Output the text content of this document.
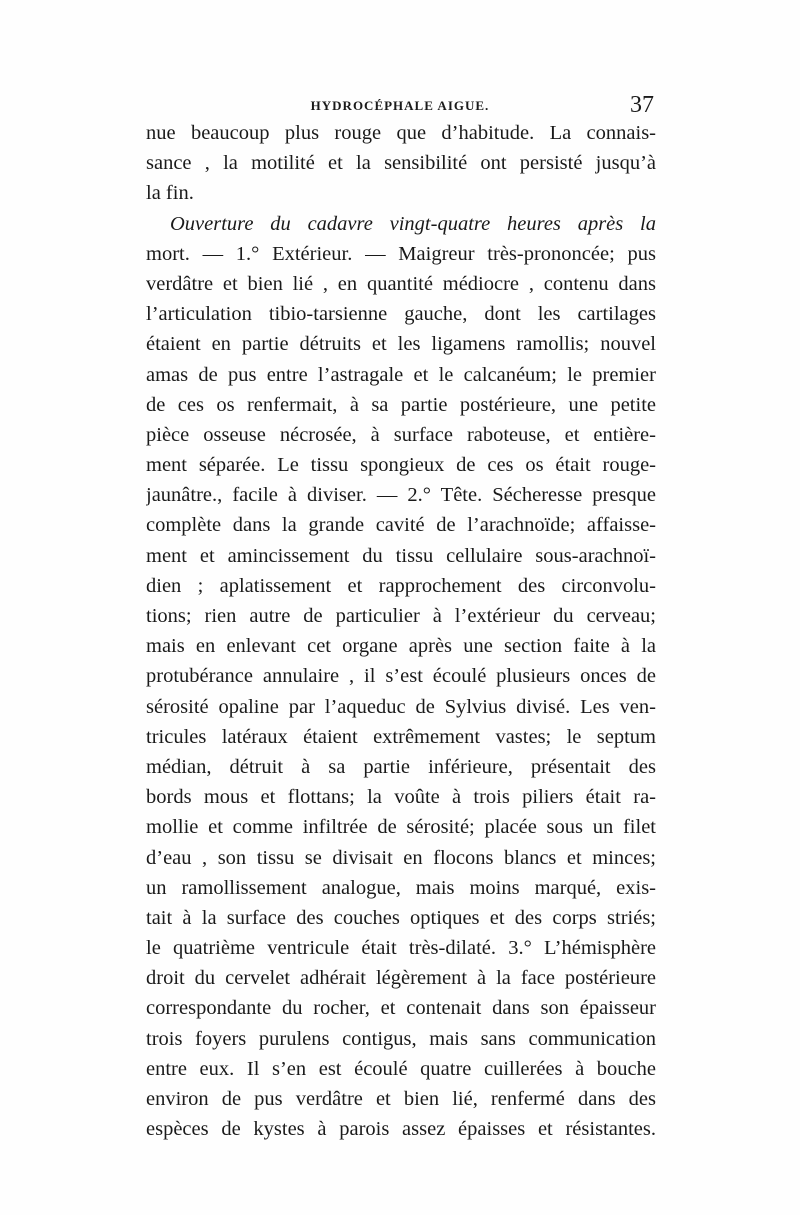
HYDROCÉPHALE AIGUE.	37
nue beaucoup plus rouge que d’habitude. La connais-
sance , la motilité et la sensibilité ont persisté jusqu’à
la fin.
Ouverture du cadavre vingt-quatre heures après la
mort. — 1.° Extérieur. — Maigreur très-prononcée; pus
verdâtre et bien lié , en quantité médiocre , contenu dans
l’articulation tibio-tarsienne gauche, dont les cartilages
étaient en partie détruits et les ligamens ramollis; nouvel
amas de pus entre l’astragale et le calcanéum; le premier
de ces os renfermait, à sa partie postérieure, une petite
pièce osseuse nécrosée, à surface raboteuse, et entière-
ment séparée. Le tissu spongieux de ces os était rouge-
jaunâtre., facile à diviser. — 2.° Tête. Sécheresse presque
complète dans la grande cavité de l’arachnoïde; affaisse-
ment et amincissement du tissu cellulaire sous-arachnoï-
dien ; aplatissement et rapprochement des circonvolu-
tions; rien autre de particulier à l’extérieur du cerveau;
mais en enlevant cet organe après une section faite à la
protubérance annulaire , il s’est écoulé plusieurs onces de
sérosité opaline par l’aqueduc de Sylvius divisé. Les ven-
tricules latéraux étaient extrêmement vastes; le septum
médian, détruit à sa partie inférieure, présentait des
bords mous et flottans; la voûte à trois piliers était ra-
mollie et comme infiltrée de sérosité; placée sous un filet
d’eau , son tissu se divisait en flocons blancs et minces;
un ramollissement analogue, mais moins marqué, exis-
tait à la surface des couches optiques et des corps striés;
le quatrième ventricule était très-dilaté. 3.° L’hémisphère
droit du cervelet adhérait légèrement à la face postérieure
correspondante du rocher, et contenait dans son épaisseur
trois foyers purulens contigus, mais sans communication
entre eux. Il s’en est écoulé quatre cuillerées à bouche
environ de pus verdâtre et bien lié, renfermé dans des
espèces de kystes à parois assez épaisses et résistantes.
